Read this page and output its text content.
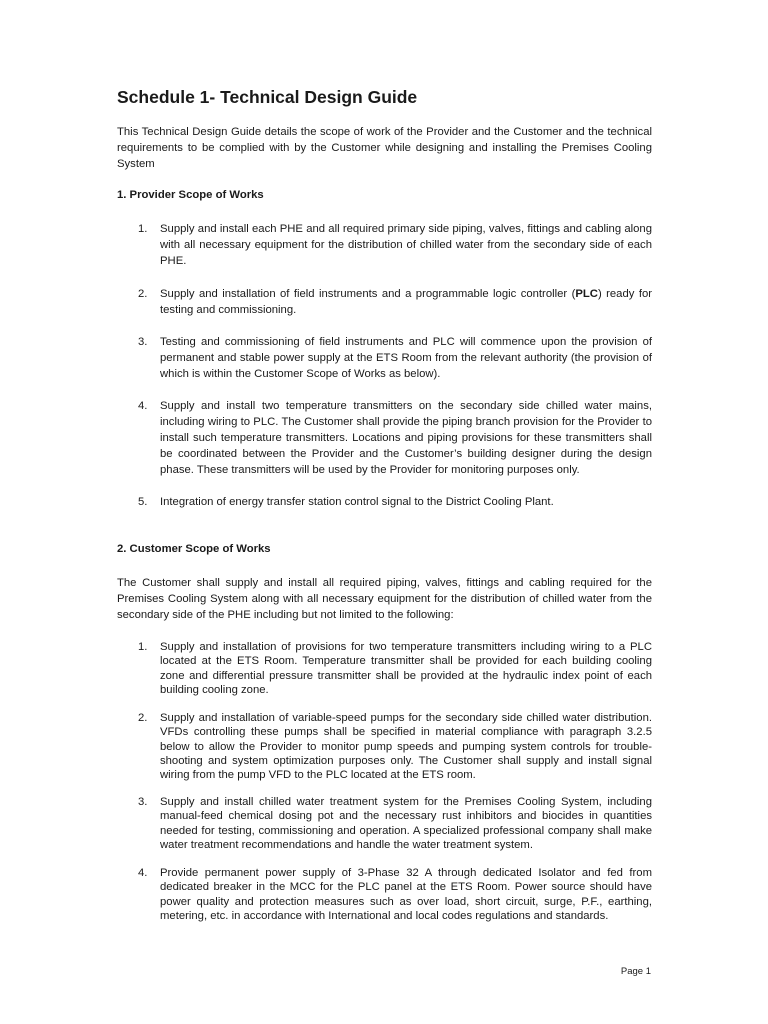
Schedule 1- Technical Design Guide

This Technical Design Guide details the scope of work of the Provider and the Customer and the technical requirements to be complied with by the Customer while designing and installing the Premises Cooling System

1. Provider Scope of Works

1.	Supply and install each PHE and all required primary side piping, valves, fittings and cabling along with all necessary equipment for the distribution of chilled water from the secondary side of each PHE.
2.	Supply and installation of field instruments and a programmable logic controller (PLC) ready for testing and commissioning.
3.	Testing and commissioning of field instruments and PLC will commence upon the provision of permanent and stable power supply at the ETS Room from the relevant authority (the provision of which is within the Customer Scope of Works as below).
4.	Supply and install two temperature transmitters on the secondary side chilled water mains, including wiring to PLC. The Customer shall provide the piping branch provision for the Provider to install such temperature transmitters. Locations and piping provisions for these transmitters shall be coordinated between the Provider and the Customer’s building designer during the design phase. These transmitters will be used by the Provider for monitoring purposes only.
5.	Integration of energy transfer station control signal to the District Cooling Plant.

2. Customer Scope of Works

The Customer shall supply and install all required piping, valves, fittings and cabling required for the Premises Cooling System along with all necessary equipment for the distribution of chilled water from the secondary side of the PHE including but not limited to the following:

1.	Supply and installation of provisions for two temperature transmitters including wiring to a PLC located at the ETS Room. Temperature transmitter shall be provided for each building cooling zone and differential pressure transmitter shall be provided at the hydraulic index point of each building cooling zone.
2.	Supply and installation of variable-speed pumps for the secondary side chilled water distribution. VFDs controlling these pumps shall be specified in material compliance with paragraph 3.2.5 below to allow the Provider to monitor pump speeds and pumping system controls for trouble-shooting and system optimization purposes only. The Customer shall supply and install signal wiring from the pump VFD to the PLC located at the ETS room.
3.	Supply and install chilled water treatment system for the Premises Cooling System, including manual-feed chemical dosing pot and the necessary rust inhibitors and biocides in quantities needed for testing, commissioning and operation. A specialized professional company shall make water treatment recommendations and handle the water treatment system.
4.	Provide permanent power supply of 3-Phase 32 A through dedicated Isolator and fed from dedicated breaker in the MCC for the PLC panel at the ETS Room. Power source should have power quality and protection measures such as over load, short circuit, surge, P.F., earthing, metering, etc. in accordance with International and local codes regulations and standards.
Page 1
